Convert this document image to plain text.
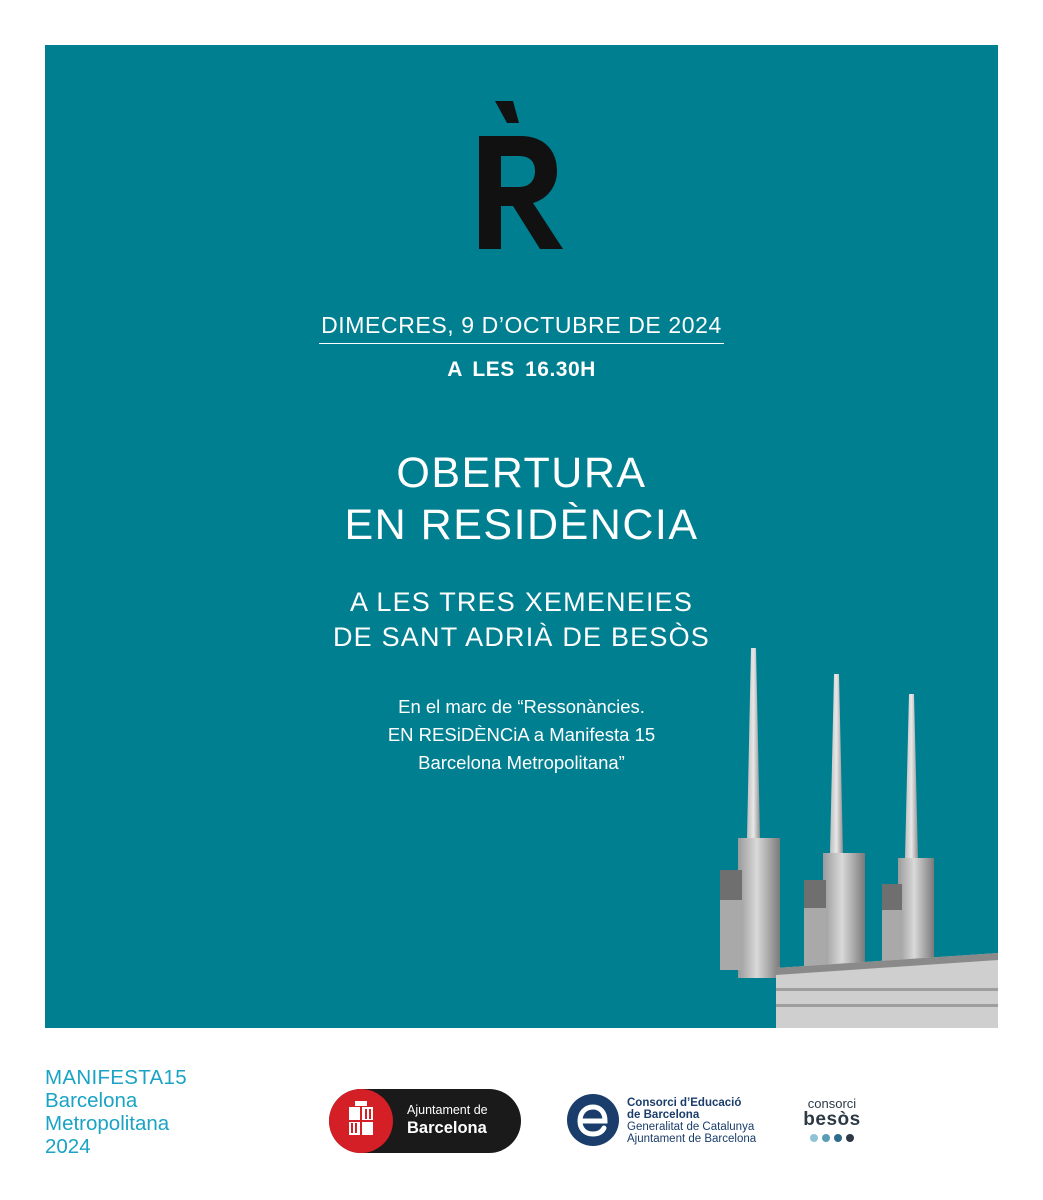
DIMECRES, 9 D’OCTUBRE DE 2024
A LES 16.30H
OBERTURA
EN RESIDÈNCIA
A LES TRES XEMENEIES
DE SANT ADRIÀ DE BESÒS
En el marc de “Ressonàncies.
EN RESiDÈNCiA a Manifesta 15
Barcelona Metropolitana”
MANIFESTA15
Barcelona
Metropolitana
2024
Ajuntament de
Barcelona
Consorci d’Educació
de Barcelona
Generalitat de Catalunya
Ajuntament de Barcelona
consorci
besòs
